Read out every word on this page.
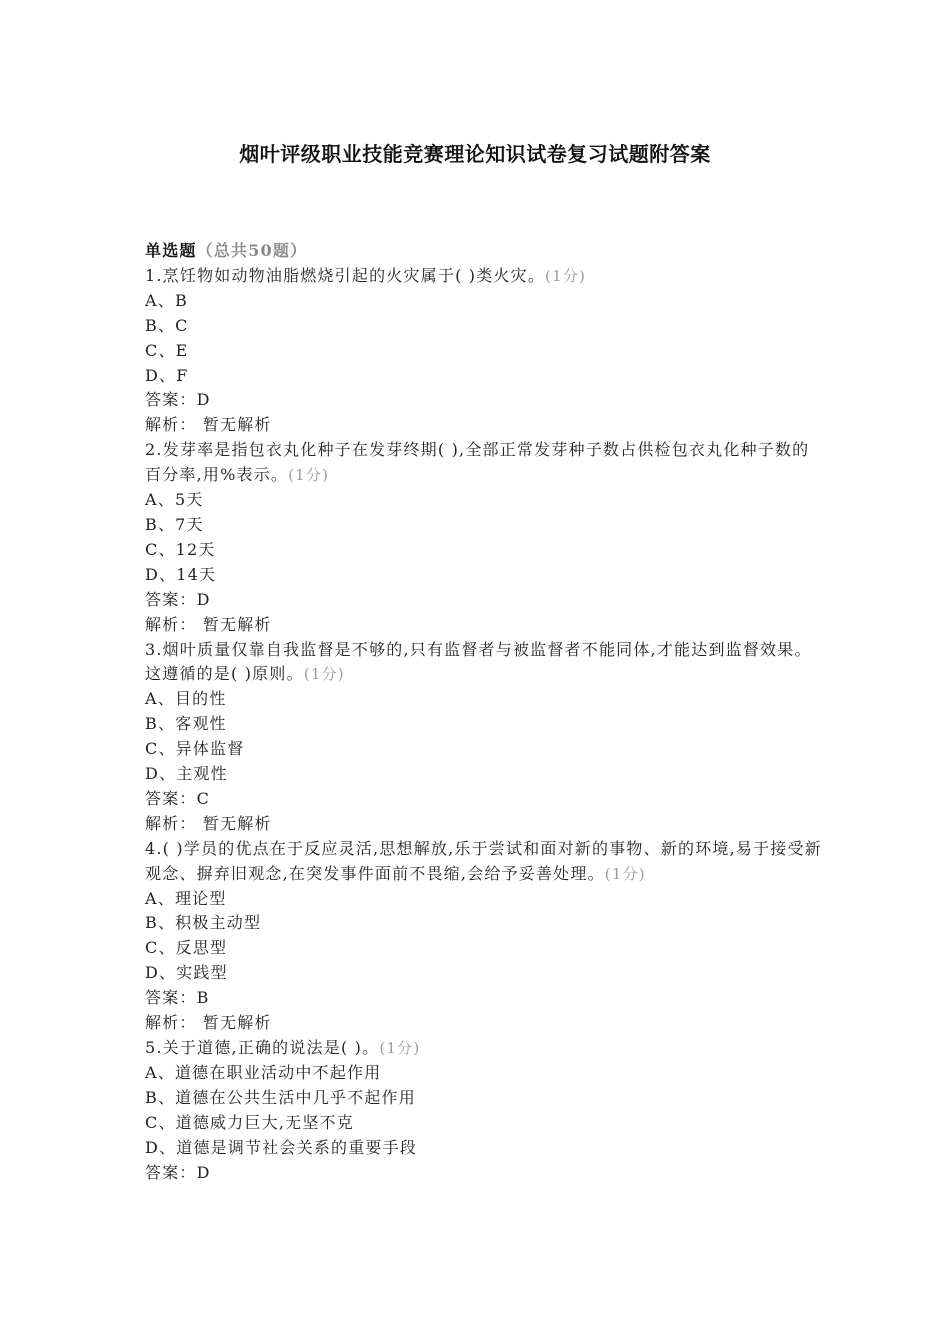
烟叶评级职业技能竞赛理论知识试卷复习试题附答案
单选题（总共50题）
1.烹饪物如动物油脂燃烧引起的火灾属于( )类火灾。(1分)
A、B
B、C
C、E
D、F
答案：D
解析： 暂无解析
2.发芽率是指包衣丸化种子在发芽终期( ),全部正常发芽种子数占供检包衣丸化种子数的百分率,用%表示。(1分)
A、5天
B、7天
C、12天
D、14天
答案：D
解析： 暂无解析
3.烟叶质量仅靠自我监督是不够的,只有监督者与被监督者不能同体,才能达到监督效果。这遵循的是( )原则。(1分)
A、目的性
B、客观性
C、异体监督
D、主观性
答案：C
解析： 暂无解析
4.( )学员的优点在于反应灵活,思想解放,乐于尝试和面对新的事物、新的环境,易于接受新观念、摒弃旧观念,在突发事件面前不畏缩,会给予妥善处理。(1分)
A、理论型
B、积极主动型
C、反思型
D、实践型
答案：B
解析： 暂无解析
5.关于道德,正确的说法是( )。(1分)
A、道德在职业活动中不起作用
B、道德在公共生活中几乎不起作用
C、道德威力巨大,无坚不克
D、道德是调节社会关系的重要手段
答案：D
